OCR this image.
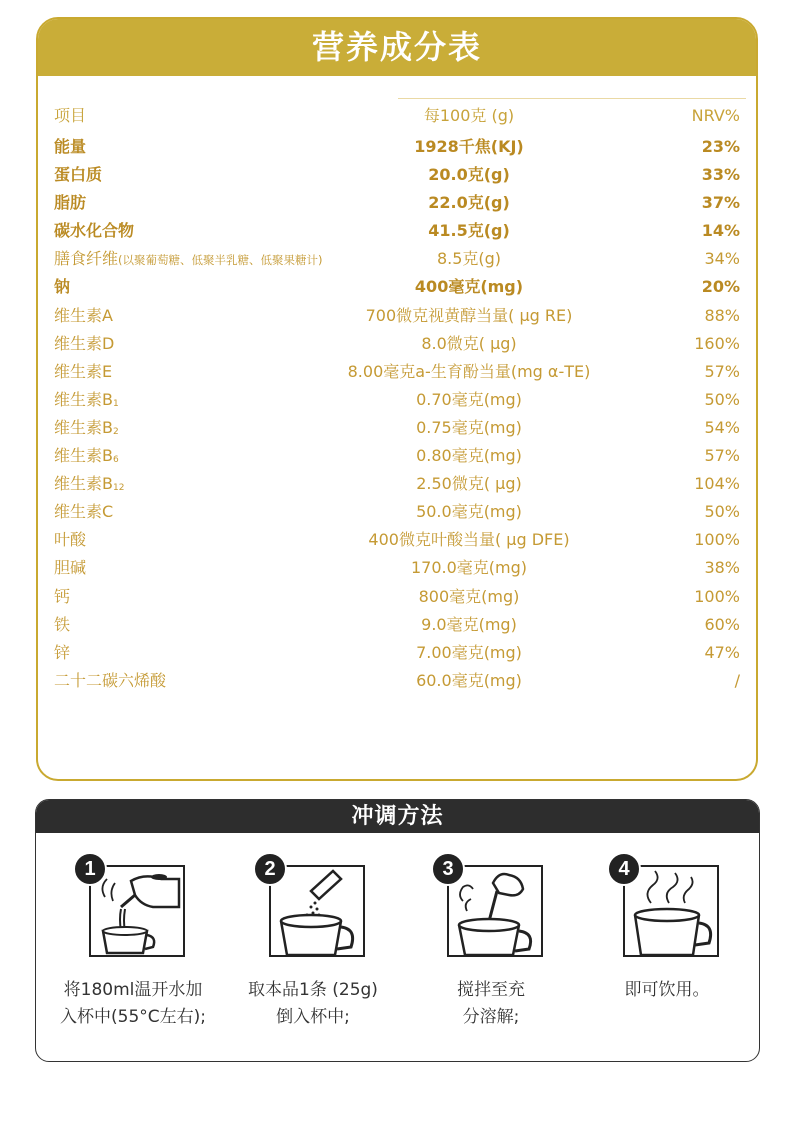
营养成分表
项目	每100克 (g)	NRV%
能量	1928千焦(KJ)	23%
蛋白质	20.0克(g)	33%
脂肪	22.0克(g)	37%
碳水化合物	41.5克(g)	14%
膳食纤维(以聚葡萄糖、低聚半乳糖、低聚果糖计)	8.5克(g)	34%
钠	400毫克(mg)	20%
维生素A	700微克视黄醇当量( μg RE)	88%
维生素D	8.0微克( μg)	160%
维生素E	8.00毫克a-生育酚当量(mg α-TE)	57%
维生素$B_1$	0.70毫克(mg)	50%
维生素$B_2$	0.75毫克(mg)	54%
维生素$B_6$	0.80毫克(mg)	57%
维生素$B_{12}$	2.50微克( μg)	104%
维生素C	50.0毫克(mg)	50%
叶酸	400微克叶酸当量( μg DFE)	100%
胆碱	170.0毫克(mg)	38%
钙	800毫克(mg)	100%
铁	9.0毫克(mg)	60%
锌	7.00毫克(mg)	47%
二十二碳六烯酸	60.0毫克(mg)	/
冲调方法
1
将180ml温开水加
入杯中(55°C左右);
2
取本品1条 (25g)
倒入杯中;
3
搅拌至充
分溶解;
4
即可饮用。
